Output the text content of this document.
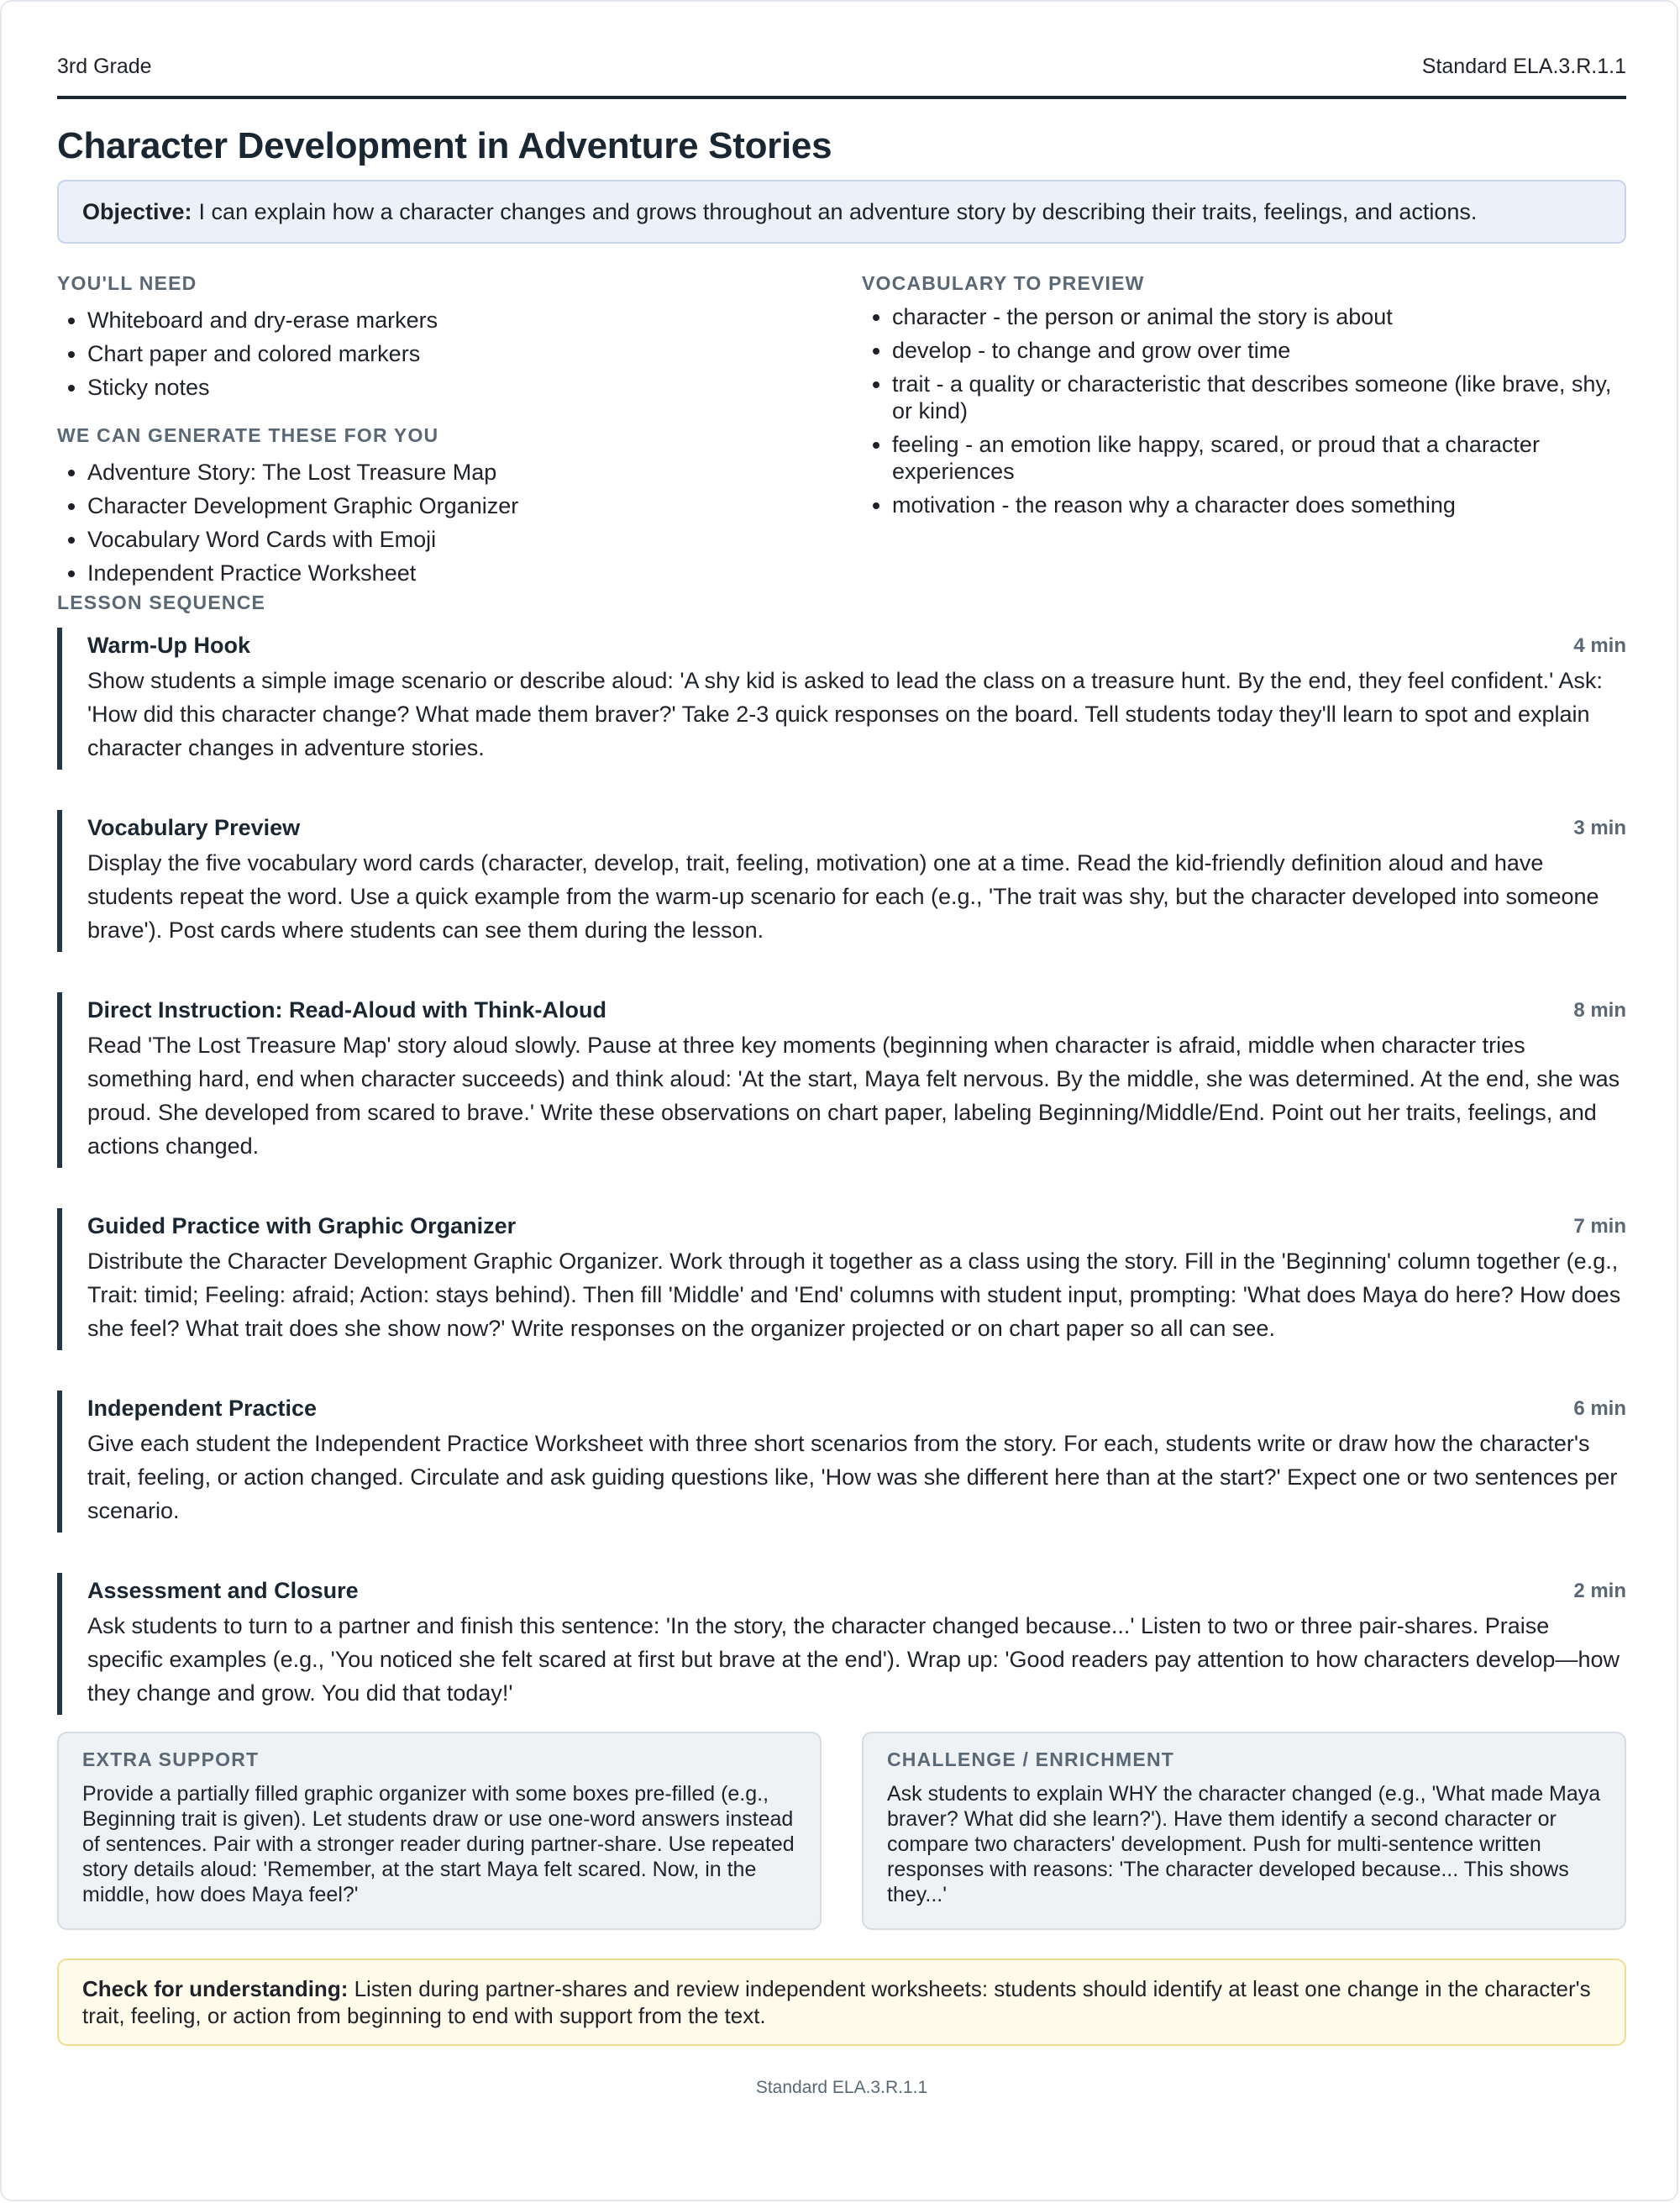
3rd Grade	Standard ELA.3.R.1.1
Character Development in Adventure Stories
Objective: I can explain how a character changes and grows throughout an adventure story by describing their traits, feelings, and actions.
YOU'LL NEED
• Whiteboard and dry-erase markers
• Chart paper and colored markers
• Sticky notes
WE CAN GENERATE THESE FOR YOU
• Adventure Story: The Lost Treasure Map
• Character Development Graphic Organizer
• Vocabulary Word Cards with Emoji
• Independent Practice Worksheet
VOCABULARY TO PREVIEW
• character - the person or animal the story is about
• develop - to change and grow over time
• trait - a quality or characteristic that describes someone (like brave, shy, or kind)
• feeling - an emotion like happy, scared, or proud that a character experiences
• motivation - the reason why a character does something
LESSON SEQUENCE
Warm-Up Hook	4 min
Show students a simple image scenario or describe aloud: 'A shy kid is asked to lead the class on a treasure hunt. By the end, they feel confident.' Ask: 'How did this character change? What made them braver?' Take 2-3 quick responses on the board. Tell students today they'll learn to spot and explain character changes in adventure stories.
Vocabulary Preview	3 min
Display the five vocabulary word cards (character, develop, trait, feeling, motivation) one at a time. Read the kid-friendly definition aloud and have students repeat the word. Use a quick example from the warm-up scenario for each (e.g., 'The trait was shy, but the character developed into someone brave'). Post cards where students can see them during the lesson.
Direct Instruction: Read-Aloud with Think-Aloud	8 min
Read 'The Lost Treasure Map' story aloud slowly. Pause at three key moments (beginning when character is afraid, middle when character tries something hard, end when character succeeds) and think aloud: 'At the start, Maya felt nervous. By the middle, she was determined. At the end, she was proud. She developed from scared to brave.' Write these observations on chart paper, labeling Beginning/Middle/End. Point out her traits, feelings, and actions changed.
Guided Practice with Graphic Organizer	7 min
Distribute the Character Development Graphic Organizer. Work through it together as a class using the story. Fill in the 'Beginning' column together (e.g., Trait: timid; Feeling: afraid; Action: stays behind). Then fill 'Middle' and 'End' columns with student input, prompting: 'What does Maya do here? How does she feel? What trait does she show now?' Write responses on the organizer projected or on chart paper so all can see.
Independent Practice	6 min
Give each student the Independent Practice Worksheet with three short scenarios from the story. For each, students write or draw how the character's trait, feeling, or action changed. Circulate and ask guiding questions like, 'How was she different here than at the start?' Expect one or two sentences per scenario.
Assessment and Closure	2 min
Ask students to turn to a partner and finish this sentence: 'In the story, the character changed because...' Listen to two or three pair-shares. Praise specific examples (e.g., 'You noticed she felt scared at first but brave at the end'). Wrap up: 'Good readers pay attention to how characters develop—how they change and grow. You did that today!'
EXTRA SUPPORT
Provide a partially filled graphic organizer with some boxes pre-filled (e.g., Beginning trait is given). Let students draw or use one-word answers instead of sentences. Pair with a stronger reader during partner-share. Use repeated story details aloud: 'Remember, at the start Maya felt scared. Now, in the middle, how does Maya feel?'
CHALLENGE / ENRICHMENT
Ask students to explain WHY the character changed (e.g., 'What made Maya braver? What did she learn?'). Have them identify a second character or compare two characters' development. Push for multi-sentence written responses with reasons: 'The character developed because... This shows they...'
Check for understanding: Listen during partner-shares and review independent worksheets: students should identify at least one change in the character's trait, feeling, or action from beginning to end with support from the text.
Standard ELA.3.R.1.1
